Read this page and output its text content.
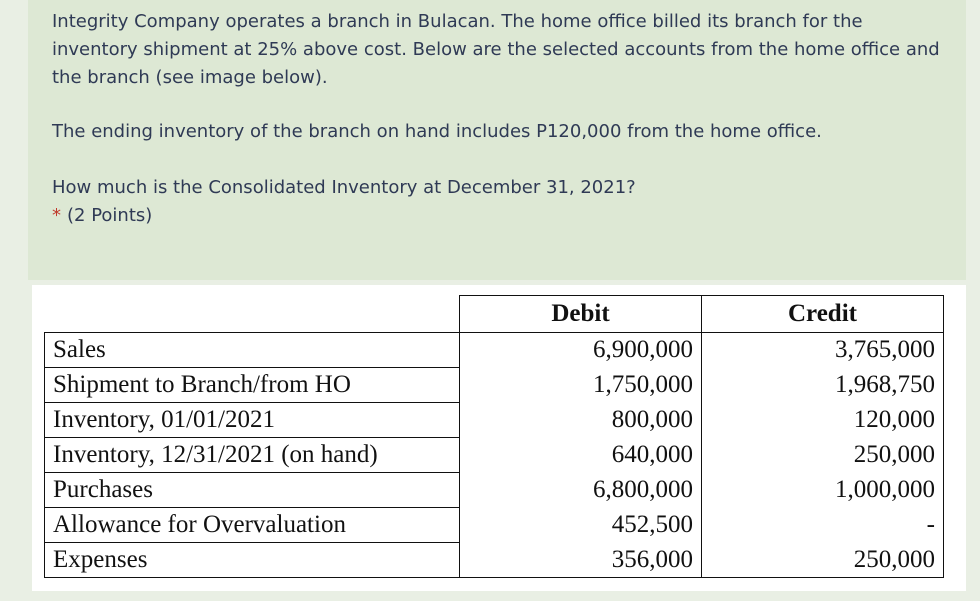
Integrity Company operates a branch in Bulacan. The home office billed its branch for the inventory shipment at 25% above cost. Below are the selected accounts from the home office and the branch (see image below).
The ending inventory of the branch on hand includes P120,000 from the home office.
How much is the Consolidated Inventory at December 31, 2021?
* (2 Points)
	Debit	Credit
Sales	6,900,000	3,765,000
Shipment to Branch/from HO	1,750,000	1,968,750
Inventory, 01/01/2021	800,000	120,000
Inventory, 12/31/2021 (on hand)	640,000	250,000
Purchases	6,800,000	1,000,000
Allowance for Overvaluation	452,500	-
Expenses	356,000	250,000
